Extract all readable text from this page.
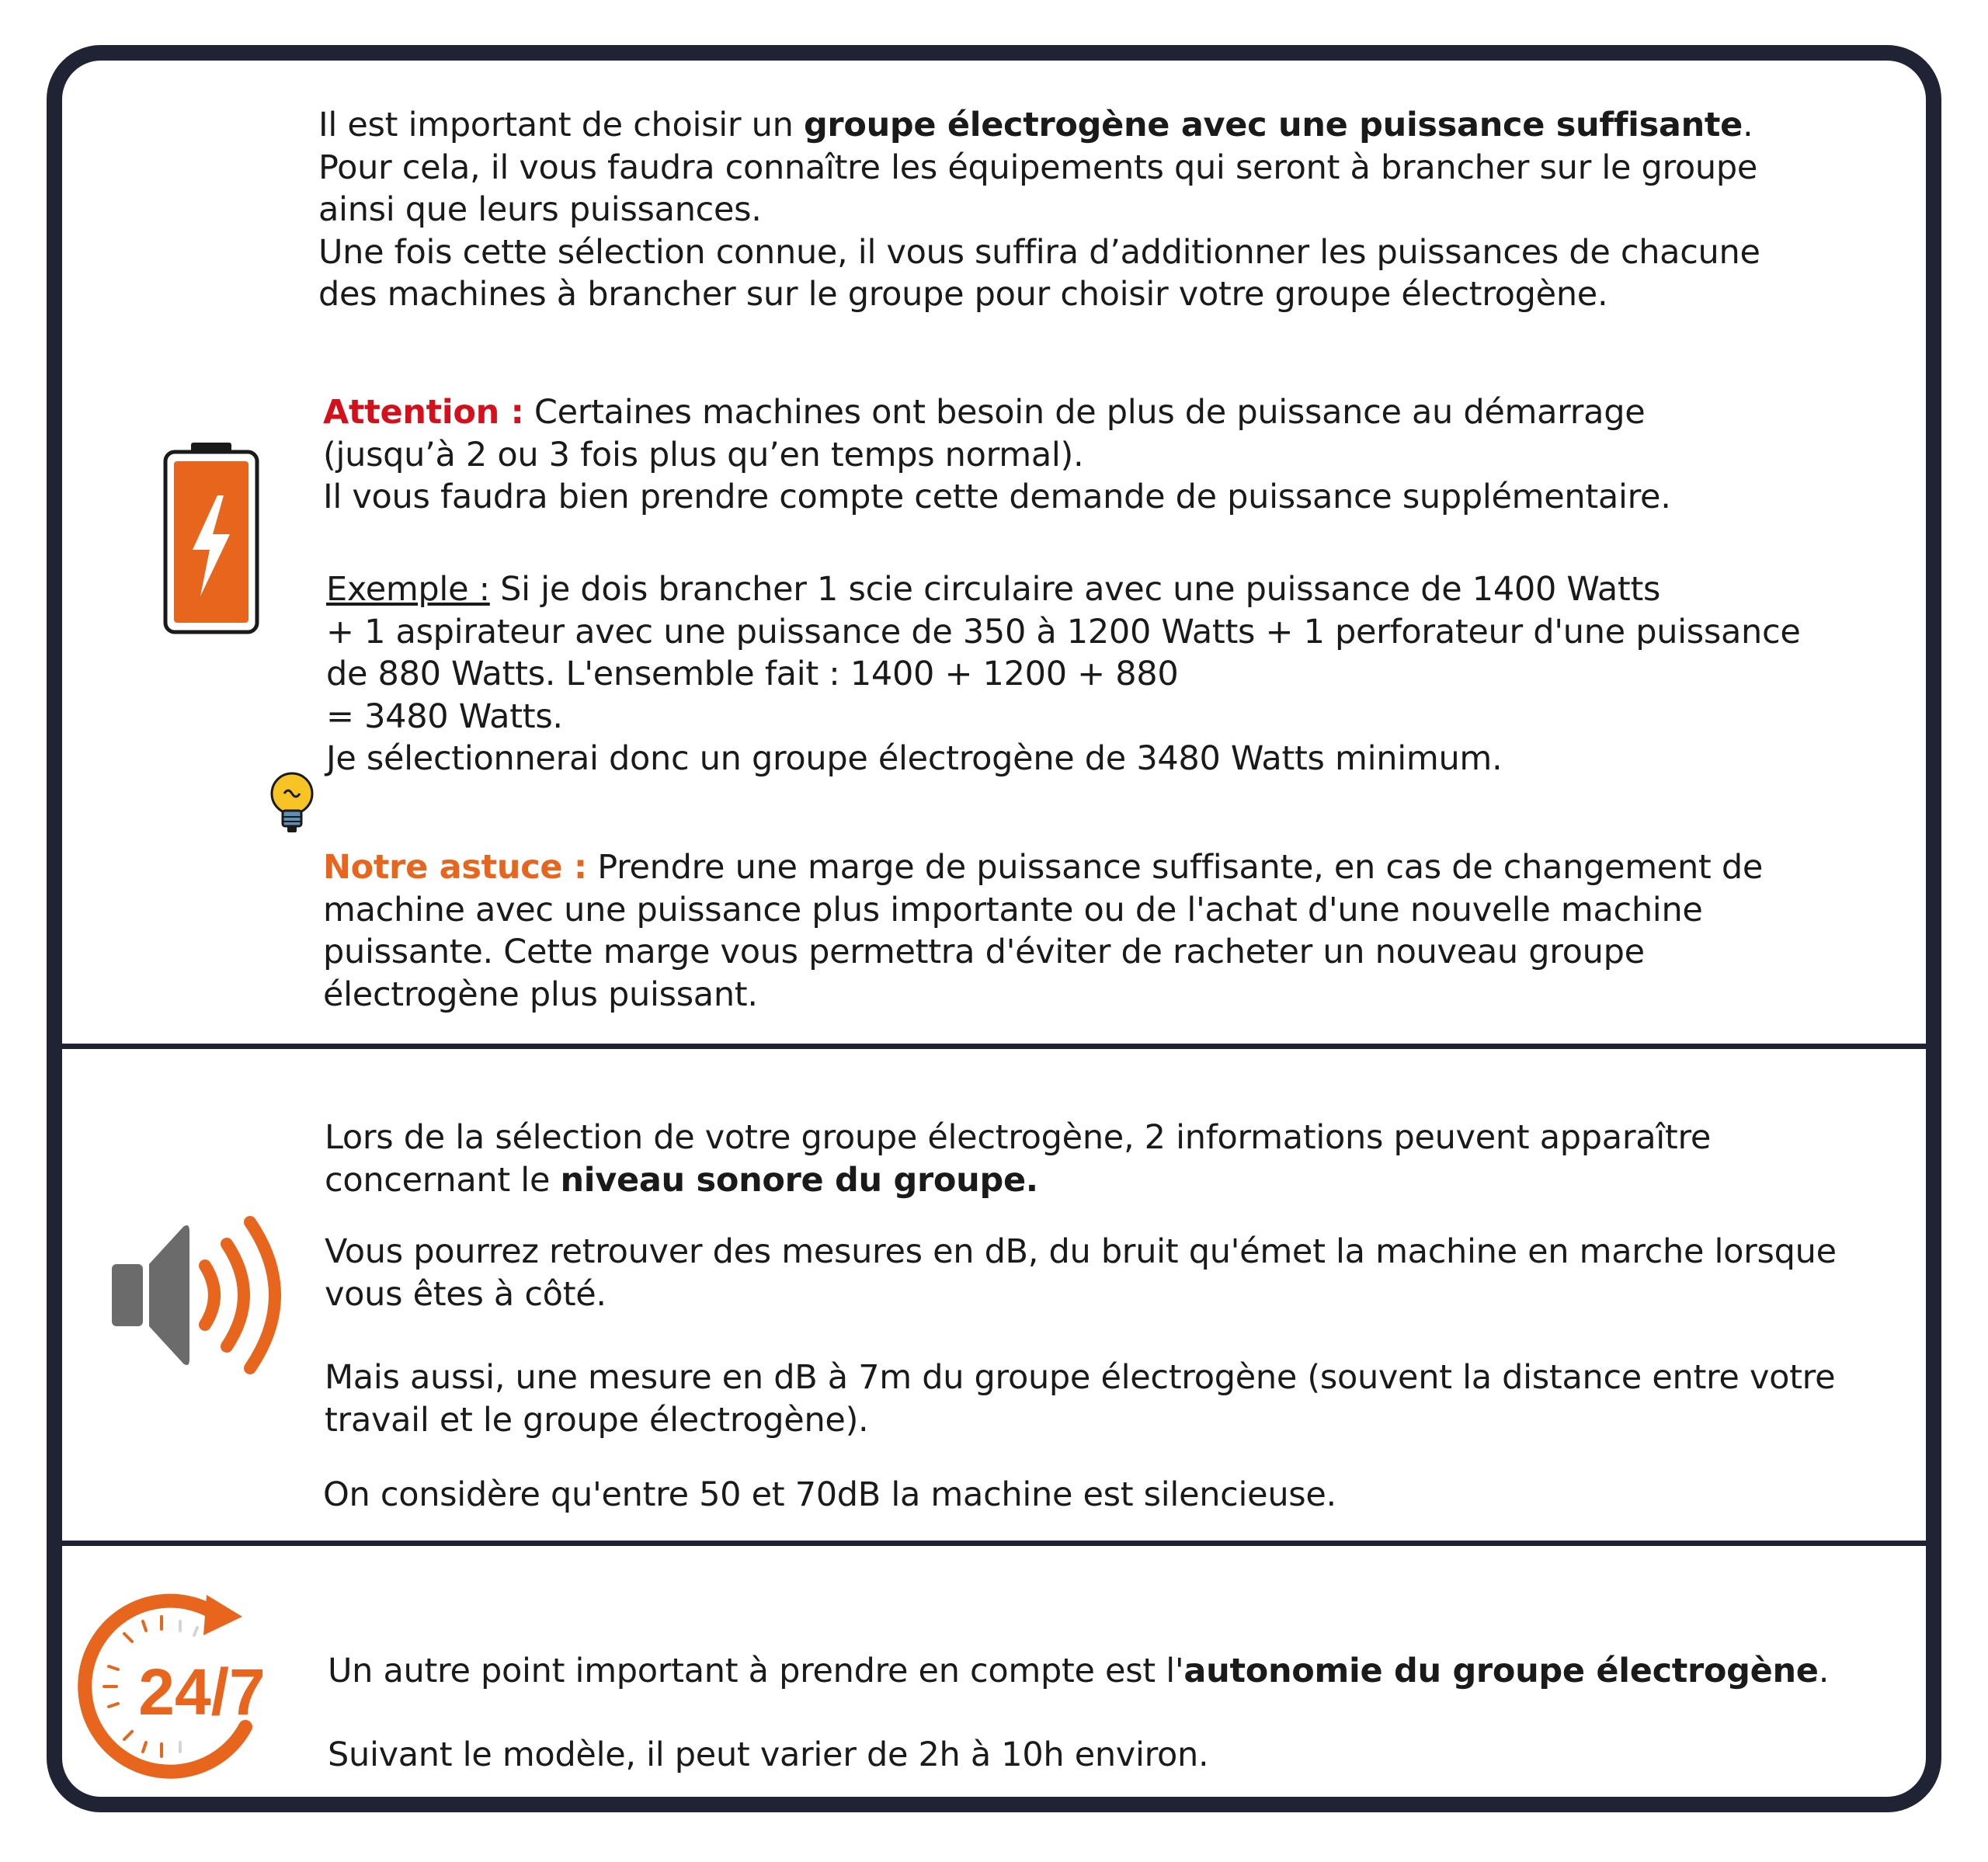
Il est important de choisir un groupe électrogène avec une puissance suffisante.

Pour cela, il vous faudra connaître les équipements qui seront à brancher sur le groupe

ainsi que leurs puissances.

Une fois cette sélection connue, il vous suffira d’additionner les puissances de chacune

des machines à brancher sur le groupe pour choisir votre groupe électrogène.

Attention : Certaines machines ont besoin de plus de puissance au démarrage

(jusqu’à 2 ou 3 fois plus qu’en temps normal).

Il vous faudra bien prendre compte cette demande de puissance supplémentaire.

Exemple : Si je dois brancher 1 scie circulaire avec une puissance de 1400 Watts

+ 1 aspirateur avec une puissance de 350 à 1200 Watts + 1 perforateur d'une puissance

de 880 Watts. L'ensemble fait : 1400 + 1200 + 880

= 3480 Watts.

Je sélectionnerai donc un groupe électrogène de 3480 Watts minimum.

Notre astuce : Prendre une marge de puissance suffisante, en cas de changement de

machine avec une puissance plus importante ou de l'achat d'une nouvelle machine

puissante. Cette marge vous permettra d'éviter de racheter un nouveau groupe

électrogène plus puissant.

Lors de la sélection de votre groupe électrogène, 2 informations peuvent apparaître

concernant le niveau sonore du groupe.

Vous pourrez retrouver des mesures en dB, du bruit qu'émet la machine en marche lorsque

vous êtes à côté.

Mais aussi, une mesure en dB à 7m du groupe électrogène (souvent la distance entre votre

travail et le groupe électrogène).

On considère qu'entre 50 et 70dB la machine est silencieuse.

24/7 Un autre point important à prendre en compte est l'autonomie du groupe électrogène.

Suivant le modèle, il peut varier de 2h à 10h environ.
